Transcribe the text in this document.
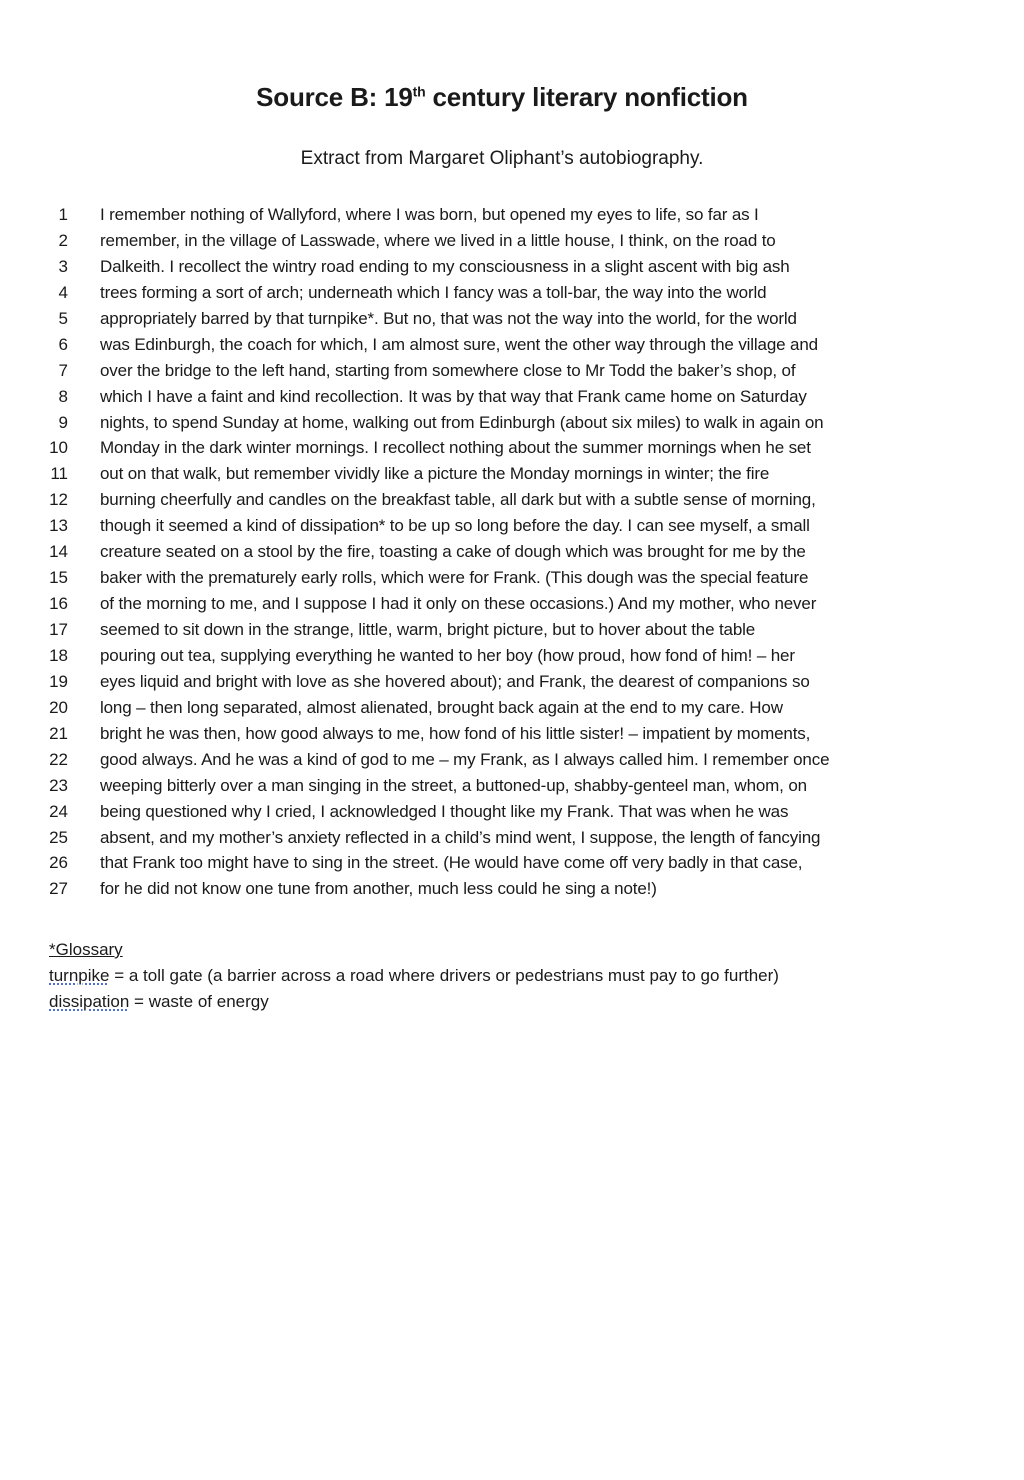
Source B: 19th century literary nonfiction
Extract from Margaret Oliphant’s autobiography.
1 I remember nothing of Wallyford, where I was born, but opened my eyes to life, so far as I
2 remember, in the village of Lasswade, where we lived in a little house, I think, on the road to
3 Dalkeith. I recollect the wintry road ending to my consciousness in a slight ascent with big ash
4 trees forming a sort of arch; underneath which I fancy was a toll-bar, the way into the world
5 appropriately barred by that turnpike*. But no, that was not the way into the world, for the world
6 was Edinburgh, the coach for which, I am almost sure, went the other way through the village and
7 over the bridge to the left hand, starting from somewhere close to Mr Todd the baker’s shop, of
8 which I have a faint and kind recollection. It was by that way that Frank came home on Saturday
9 nights, to spend Sunday at home, walking out from Edinburgh (about six miles) to walk in again on
10 Monday in the dark winter mornings. I recollect nothing about the summer mornings when he set
11 out on that walk, but remember vividly like a picture the Monday mornings in winter; the fire
12 burning cheerfully and candles on the breakfast table, all dark but with a subtle sense of morning,
13 though it seemed a kind of dissipation* to be up so long before the day. I can see myself, a small
14 creature seated on a stool by the fire, toasting a cake of dough which was brought for me by the
15 baker with the prematurely early rolls, which were for Frank. (This dough was the special feature
16 of the morning to me, and I suppose I had it only on these occasions.) And my mother, who never
17 seemed to sit down in the strange, little, warm, bright picture, but to hover about the table
18 pouring out tea, supplying everything he wanted to her boy (how proud, how fond of him! – her
19 eyes liquid and bright with love as she hovered about); and Frank, the dearest of companions so
20 long – then long separated, almost alienated, brought back again at the end to my care. How
21 bright he was then, how good always to me, how fond of his little sister! – impatient by moments,
22 good always. And he was a kind of god to me – my Frank, as I always called him. I remember once
23 weeping bitterly over a man singing in the street, a buttoned-up, shabby-genteel man, whom, on
24 being questioned why I cried, I acknowledged I thought like my Frank. That was when he was
25 absent, and my mother’s anxiety reflected in a child’s mind went, I suppose, the length of fancying
26 that Frank too might have to sing in the street. (He would have come off very badly in that case,
27 for he did not know one tune from another, much less could he sing a note!)
*Glossary
turnpike = a toll gate (a barrier across a road where drivers or pedestrians must pay to go further)
dissipation = waste of energy
